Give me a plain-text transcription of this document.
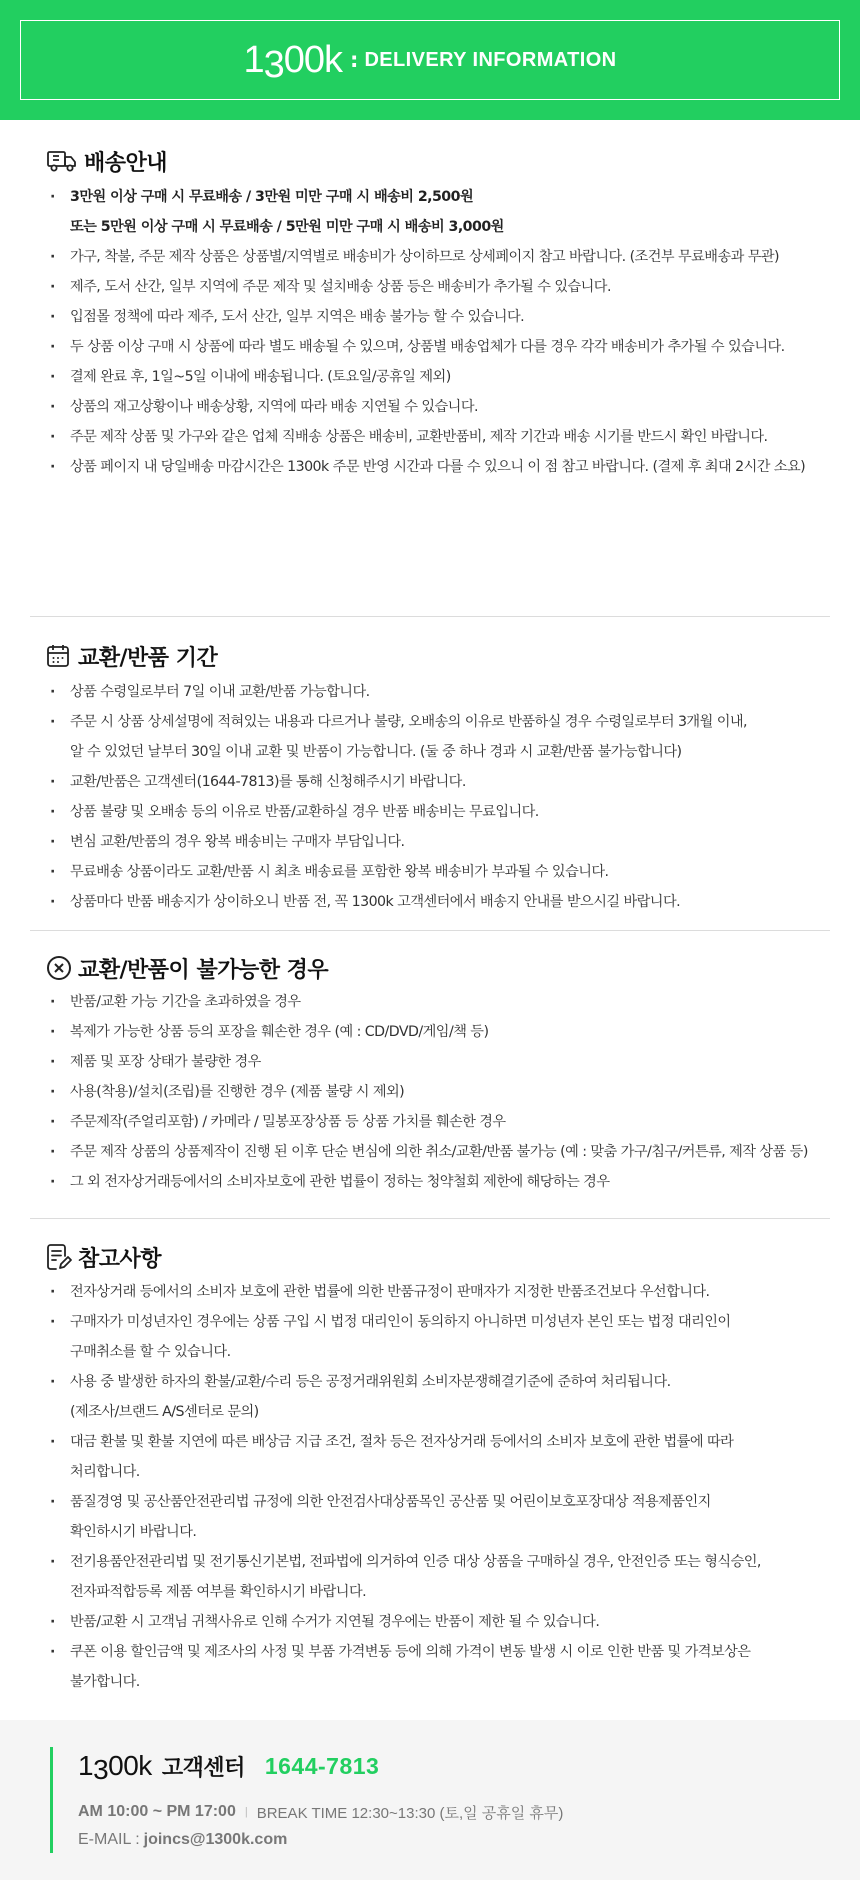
1300k : DELIVERY INFORMATION
배송안내
· 3만원 이상 구매 시 무료배송 / 3만원 미만 구매 시 배송비 2,500원
또는 5만원 이상 구매 시 무료배송 / 5만원 미만 구매 시 배송비 3,000원
· 가구, 착불, 주문 제작 상품은 상품별/지역별로 배송비가 상이하므로 상세페이지 참고 바랍니다. (조건부 무료배송과 무관)
· 제주, 도서 산간, 일부 지역에 주문 제작 및 설치배송 상품 등은 배송비가 추가될 수 있습니다.
· 입점몰 정책에 따라 제주, 도서 산간, 일부 지역은 배송 불가능 할 수 있습니다.
· 두 상품 이상 구매 시 상품에 따라 별도 배송될 수 있으며, 상품별 배송업체가 다를 경우 각각 배송비가 추가될 수 있습니다.
· 결제 완료 후, 1일~5일 이내에 배송됩니다. (토요일/공휴일 제외)
· 상품의 재고상황이나 배송상황, 지역에 따라 배송 지연될 수 있습니다.
· 주문 제작 상품 및 가구와 같은 업체 직배송 상품은 배송비, 교환반품비, 제작 기간과 배송 시기를 반드시 확인 바랍니다.
· 상품 페이지 내 당일배송 마감시간은 1300k 주문 반영 시간과 다를 수 있으니 이 점 참고 바랍니다. (결제 후 최대 2시간 소요)
교환/반품 기간
· 상품 수령일로부터 7일 이내 교환/반품 가능합니다.
· 주문 시 상품 상세설명에 적혀있는 내용과 다르거나 불량, 오배송의 이유로 반품하실 경우 수령일로부터 3개월 이내,
알 수 있었던 날부터 30일 이내 교환 및 반품이 가능합니다. (둘 중 하나 경과 시 교환/반품 불가능합니다)
· 교환/반품은 고객센터(1644-7813)를 통해 신청해주시기 바랍니다.
· 상품 불량 및 오배송 등의 이유로 반품/교환하실 경우 반품 배송비는 무료입니다.
· 변심 교환/반품의 경우 왕복 배송비는 구매자 부담입니다.
· 무료배송 상품이라도 교환/반품 시 최초 배송료를 포함한 왕복 배송비가 부과될 수 있습니다.
· 상품마다 반품 배송지가 상이하오니 반품 전, 꼭 1300k 고객센터에서 배송지 안내를 받으시길 바랍니다.
교환/반품이 불가능한 경우
· 반품/교환 가능 기간을 초과하였을 경우
· 복제가 가능한 상품 등의 포장을 훼손한 경우 (예 : CD/DVD/게임/책 등)
· 제품 및 포장 상태가 불량한 경우
· 사용(착용)/설치(조립)를 진행한 경우 (제품 불량 시 제외)
· 주문제작(주얼리포함) / 카메라 / 밀봉포장상품 등 상품 가치를 훼손한 경우
· 주문 제작 상품의 상품제작이 진행 된 이후 단순 변심에 의한 취소/교환/반품 불가능 (예 : 맞춤 가구/침구/커튼류, 제작 상품 등)
· 그 외 전자상거래등에서의 소비자보호에 관한 법률이 정하는 청약철회 제한에 해당하는 경우
참고사항
· 전자상거래 등에서의 소비자 보호에 관한 법률에 의한 반품규정이 판매자가 지정한 반품조건보다 우선합니다.
· 구매자가 미성년자인 경우에는 상품 구입 시 법정 대리인이 동의하지 아니하면 미성년자 본인 또는 법정 대리인이
구매취소를 할 수 있습니다.
· 사용 중 발생한 하자의 환불/교환/수리 등은 공정거래위원회 소비자분쟁해결기준에 준하여 처리됩니다.
(제조사/브랜드 A/S센터로 문의)
· 대금 환불 및 환불 지연에 따른 배상금 지급 조건, 절차 등은 전자상거래 등에서의 소비자 보호에 관한 법률에 따라
처리합니다.
· 품질경영 및 공산품안전관리법 규정에 의한 안전검사대상품목인 공산품 및 어린이보호포장대상 적용제품인지
확인하시기 바랍니다.
· 전기용품안전관리법 및 전기통신기본법, 전파법에 의거하여 인증 대상 상품을 구매하실 경우, 안전인증 또는 형식승인,
전자파적합등록 제품 여부를 확인하시기 바랍니다.
· 반품/교환 시 고객님 귀책사유로 인해 수거가 지연될 경우에는 반품이 제한 될 수 있습니다.
· 쿠폰 이용 할인금액 및 제조사의 사정 및 부품 가격변동 등에 의해 가격이 변동 발생 시 이로 인한 반품 및 가격보상은
불가합니다.
1300k 고객센터 1644-7813
AM 10:00 ~ PM 17:00 | BREAK TIME 12:30~13:30 (토,일 공휴일 휴무)
E-MAIL : joincs@1300k.com
